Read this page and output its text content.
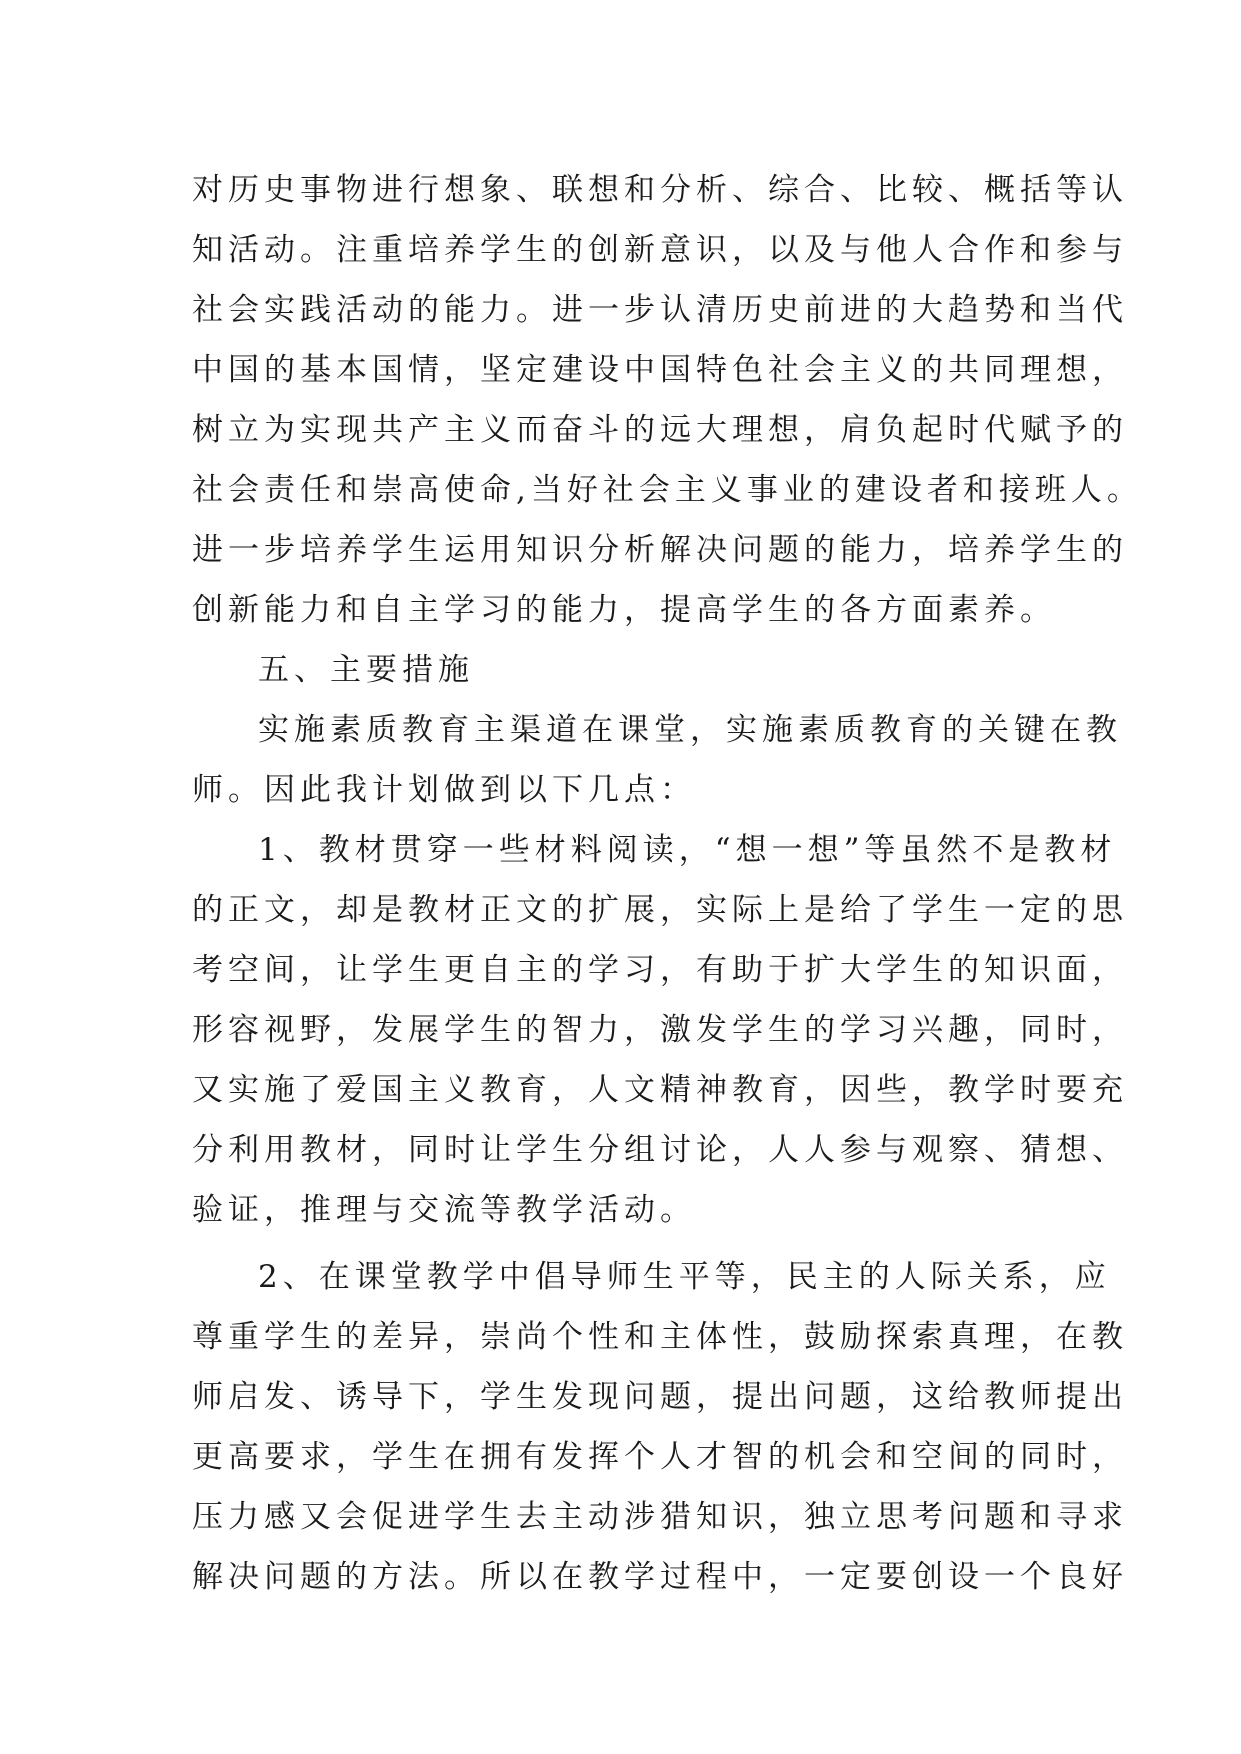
对历史事物进行想象、联想和分析、综合、比较、概括等认
知活动。注重培养学生的创新意识，以及与他人合作和参与
社会实践活动的能力。进一步认清历史前进的大趋势和当代
中国的基本国情，坚定建设中国特色社会主义的共同理想，
树立为实现共产主义而奋斗的远大理想，肩负起时代赋予的
社会责任和崇高使命,当好社会主义事业的建设者和接班人。
进一步培养学生运用知识分析解决问题的能力，培养学生的
创新能力和自主学习的能力，提高学生的各方面素养。
五、主要措施
实施素质教育主渠道在课堂，实施素质教育的关键在教
师。因此我计划做到以下几点：
1、教材贯穿一些材料阅读，“想一想”等虽然不是教材
的正文，却是教材正文的扩展，实际上是给了学生一定的思
考空间，让学生更自主的学习，有助于扩大学生的知识面，
形容视野，发展学生的智力，激发学生的学习兴趣，同时，
又实施了爱国主义教育，人文精神教育，因些，教学时要充
分利用教材，同时让学生分组讨论，人人参与观察、猜想、
验证，推理与交流等教学活动。
2、在课堂教学中倡导师生平等，民主的人际关系，应
尊重学生的差异，崇尚个性和主体性，鼓励探索真理，在教
师启发、诱导下，学生发现问题，提出问题，这给教师提出
更高要求，学生在拥有发挥个人才智的机会和空间的同时，
压力感又会促进学生去主动涉猎知识，独立思考问题和寻求
解决问题的方法。所以在教学过程中，一定要创设一个良好
